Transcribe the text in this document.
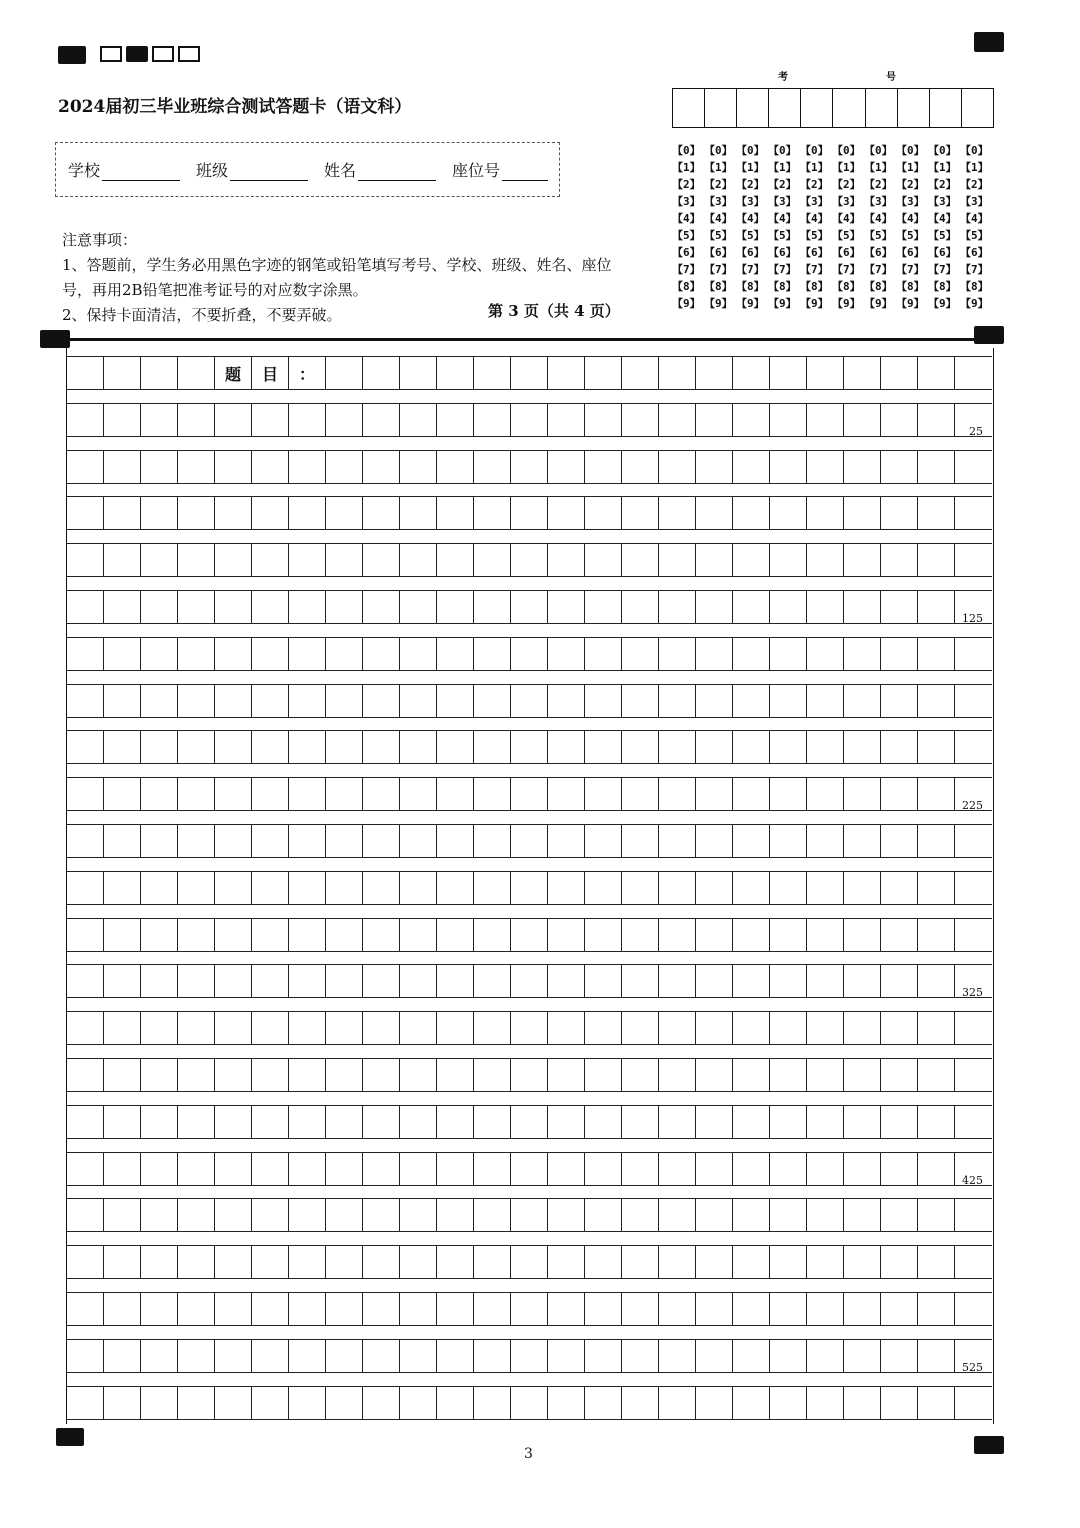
2024届初三毕业班综合测试答题卡（语文科）
学校	班级	姓名	座位号
注意事项：
1、答题前，学生务必用黑色字迹的钢笔或铅笔填写考号、学校、班级、姓名、座位
号，再用2B铅笔把准考证号的对应数字涂黑。
2、保持卡面清洁，不要折叠，不要弄破。	第 3 页（共 4 页）
考	号
【0】 【0】 【0】 【0】 【0】 【0】 【0】 【0】 【0】 【0】
【1】 【1】 【1】 【1】 【1】 【1】 【1】 【1】 【1】 【1】
【2】 【2】 【2】 【2】 【2】 【2】 【2】 【2】 【2】 【2】
【3】 【3】 【3】 【3】 【3】 【3】 【3】 【3】 【3】 【3】
【4】 【4】 【4】 【4】 【4】 【4】 【4】 【4】 【4】 【4】
【5】 【5】 【5】 【5】 【5】 【5】 【5】 【5】 【5】 【5】
【6】 【6】 【6】 【6】 【6】 【6】 【6】 【6】 【6】 【6】
【7】 【7】 【7】 【7】 【7】 【7】 【7】 【7】 【7】 【7】
【8】 【8】 【8】 【8】 【8】 【8】 【8】 【8】 【8】 【8】
【9】 【9】 【9】 【9】 【9】 【9】 【9】 【9】 【9】 【9】
题	目	：
25
125
225
325
425
525
3
